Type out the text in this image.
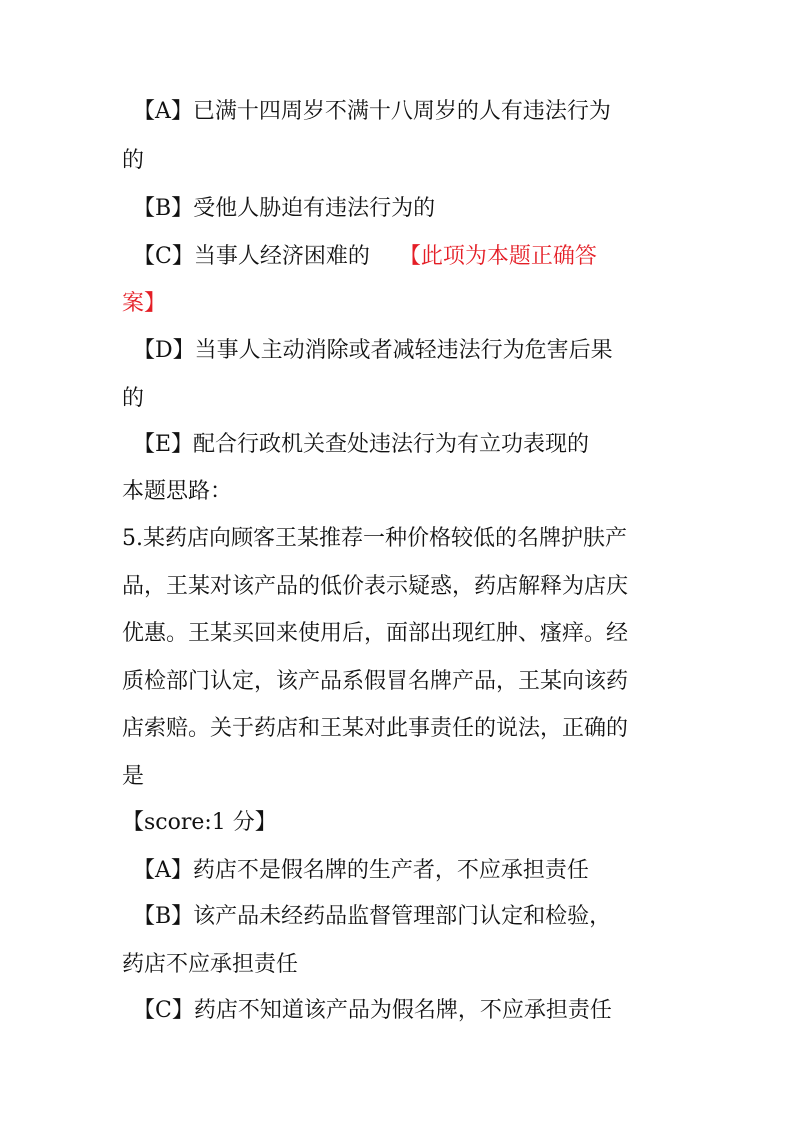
　【A】已满十四周岁不满十八周岁的人有违法行为
的
　【B】受他人胁迫有违法行为的
　【C】当事人经济困难的　 【此项为本题正确答
案】
　【D】当事人主动消除或者减轻违法行为危害后果
的
　【E】配合行政机关查处违法行为有立功表现的
本题思路：
5.某药店向顾客王某推荐一种价格较低的名牌护肤产
品，王某对该产品的低价表示疑惑，药店解释为店庆
优惠。王某买回来使用后，面部出现红肿、瘙痒。经
质检部门认定，该产品系假冒名牌产品，王某向该药
店索赔。关于药店和王某对此事责任的说法，正确的
是
【score:1 分】
　【A】药店不是假名牌的生产者，不应承担责任
　【B】该产品未经药品监督管理部门认定和检验，
药店不应承担责任
　【C】药店不知道该产品为假名牌，不应承担责任
